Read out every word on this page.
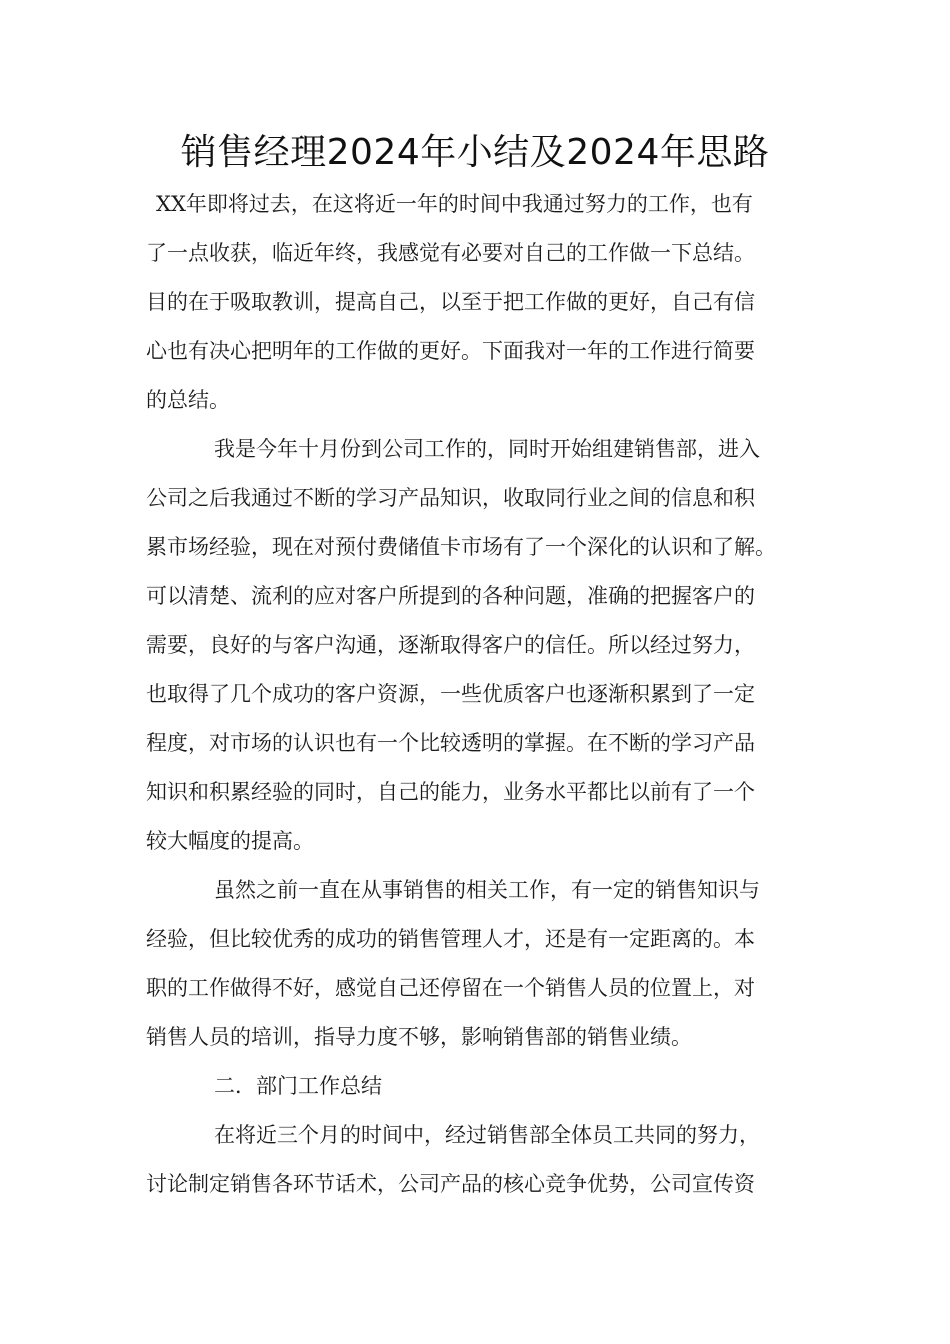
销售经理2024年小结及2024年思路
XX年即将过去，在这将近一年的时间中我通过努力的工作，也有
了一点收获，临近年终，我感觉有必要对自己的工作做一下总结。
目的在于吸取教训，提高自己，以至于把工作做的更好，自己有信
心也有决心把明年的工作做的更好。下面我对一年的工作进行简要
的总结。
我是今年十月份到公司工作的，同时开始组建销售部，进入
公司之后我通过不断的学习产品知识，收取同行业之间的信息和积
累市场经验，现在对预付费储值卡市场有了一个深化的认识和了解。
可以清楚、流利的应对客户所提到的各种问题，准确的把握客户的
需要，良好的与客户沟通，逐渐取得客户的信任。所以经过努力，
也取得了几个成功的客户资源，一些优质客户也逐渐积累到了一定
程度，对市场的认识也有一个比较透明的掌握。在不断的学习产品
知识和积累经验的同时，自己的能力，业务水平都比以前有了一个
较大幅度的提高。
虽然之前一直在从事销售的相关工作，有一定的销售知识与
经验，但比较优秀的成功的销售管理人才，还是有一定距离的。本
职的工作做得不好，感觉自己还停留在一个销售人员的位置上，对
销售人员的培训，指导力度不够，影响销售部的销售业绩。
二．部门工作总结
在将近三个月的时间中，经过销售部全体员工共同的努力，
讨论制定销售各环节话术，公司产品的核心竞争优势，公司宣传资
